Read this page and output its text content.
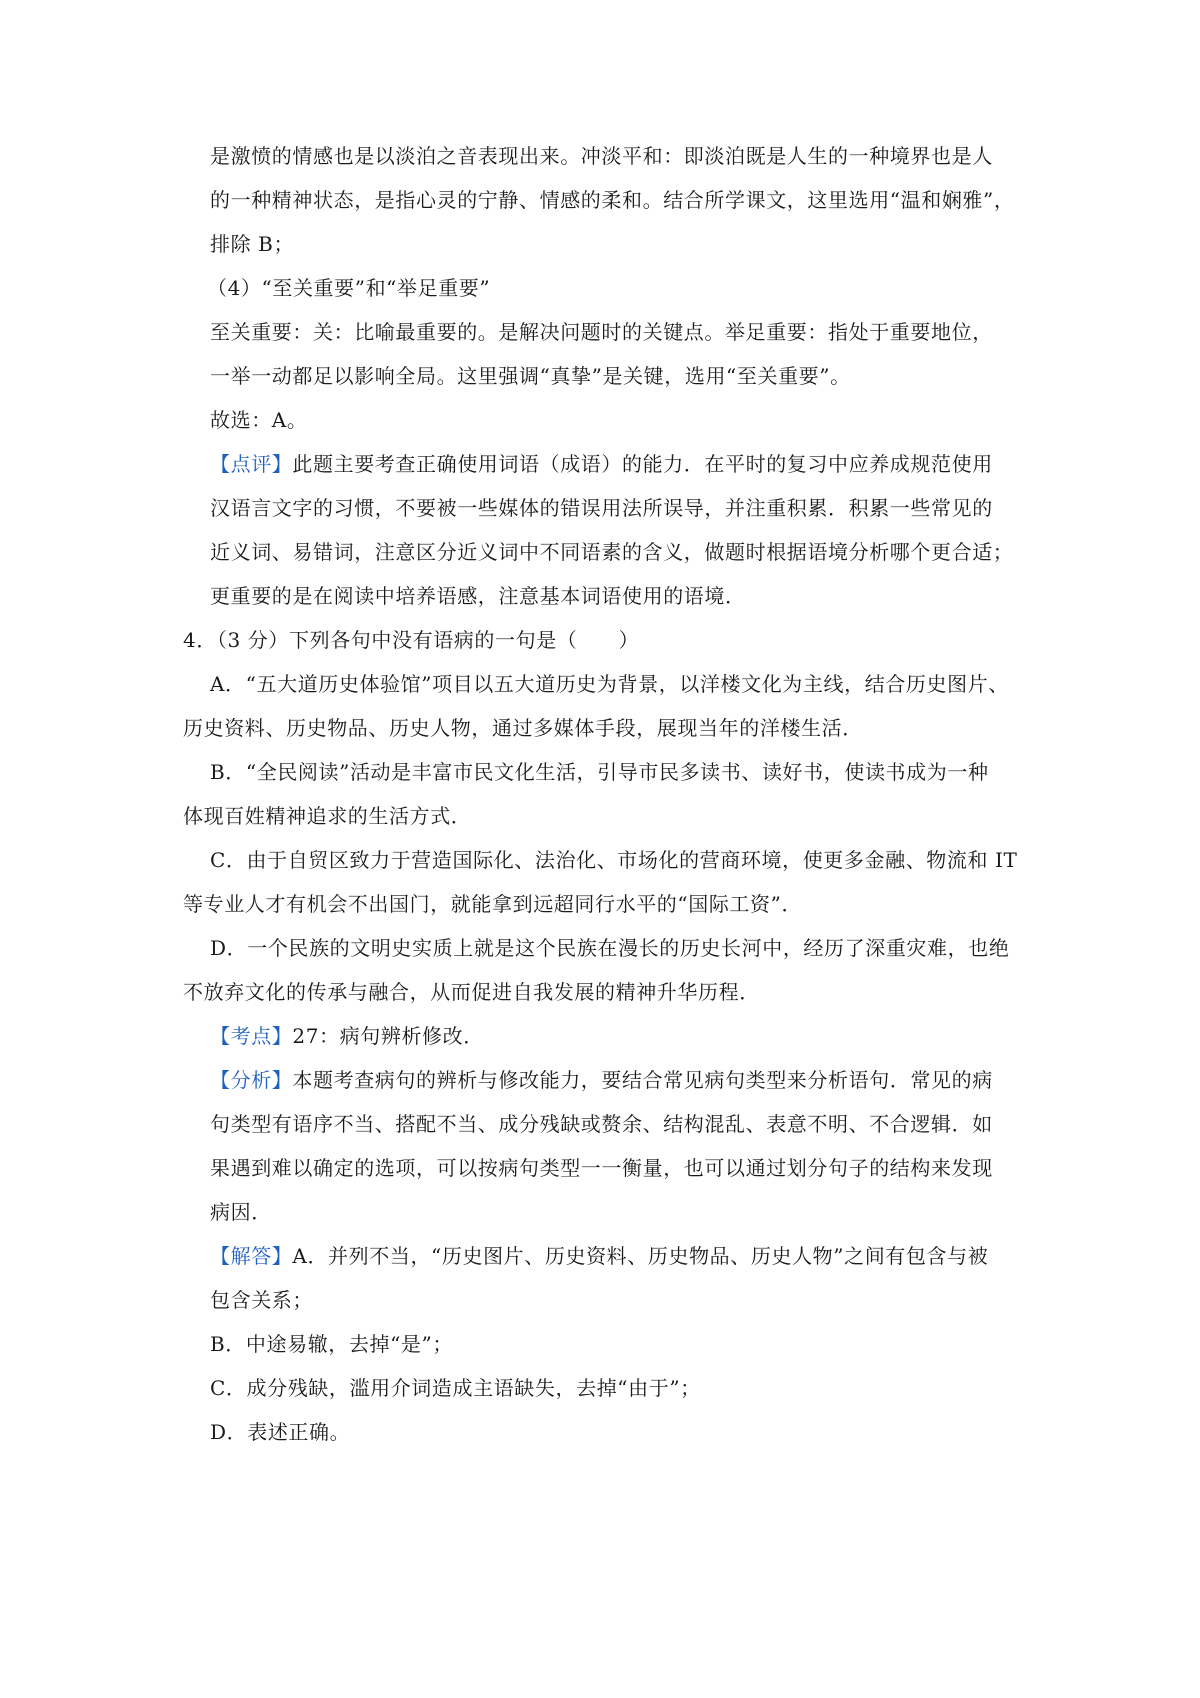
是激愤的情感也是以淡泊之音表现出来。冲淡平和：即淡泊既是人生的一种境界也是人
的一种精神状态，是指心灵的宁静、情感的柔和。结合所学课文，这里选用“温和娴雅”，
排除 B；
（4）“至关重要”和“举足重要”
至关重要：关：比喻最重要的。是解决问题时的关键点。举足重要：指处于重要地位，
一举一动都足以影响全局。这里强调“真挚”是关键，选用“至关重要”。
故选：A。
【点评】此题主要考查正确使用词语（成语）的能力．在平时的复习中应养成规范使用
汉语言文字的习惯，不要被一些媒体的错误用法所误导，并注重积累．积累一些常见的
近义词、易错词，注意区分近义词中不同语素的含义，做题时根据语境分析哪个更合适；
更重要的是在阅读中培养语感，注意基本词语使用的语境．
4．（3 分）下列各句中没有语病的一句是（　　）
A．“五大道历史体验馆”项目以五大道历史为背景，以洋楼文化为主线，结合历史图片、
历史资料、历史物品、历史人物，通过多媒体手段，展现当年的洋楼生活．
B．“全民阅读”活动是丰富市民文化生活，引导市民多读书、读好书，使读书成为一种
体现百姓精神追求的生活方式．
C．由于自贸区致力于营造国际化、法治化、市场化的营商环境，使更多金融、物流和 IT
等专业人才有机会不出国门，就能拿到远超同行水平的“国际工资”．
D．一个民族的文明史实质上就是这个民族在漫长的历史长河中，经历了深重灾难，也绝
不放弃文化的传承与融合，从而促进自我发展的精神升华历程．
【考点】27：病句辨析修改．
【分析】本题考查病句的辨析与修改能力，要结合常见病句类型来分析语句．常见的病
句类型有语序不当、搭配不当、成分残缺或赘余、结构混乱、表意不明、不合逻辑．如
果遇到难以确定的选项，可以按病句类型一一衡量，也可以通过划分句子的结构来发现
病因．
【解答】A．并列不当，“历史图片、历史资料、历史物品、历史人物”之间有包含与被
包含关系；
B．中途易辙，去掉“是”；
C．成分残缺，滥用介词造成主语缺失，去掉“由于”；
D．表述正确。
